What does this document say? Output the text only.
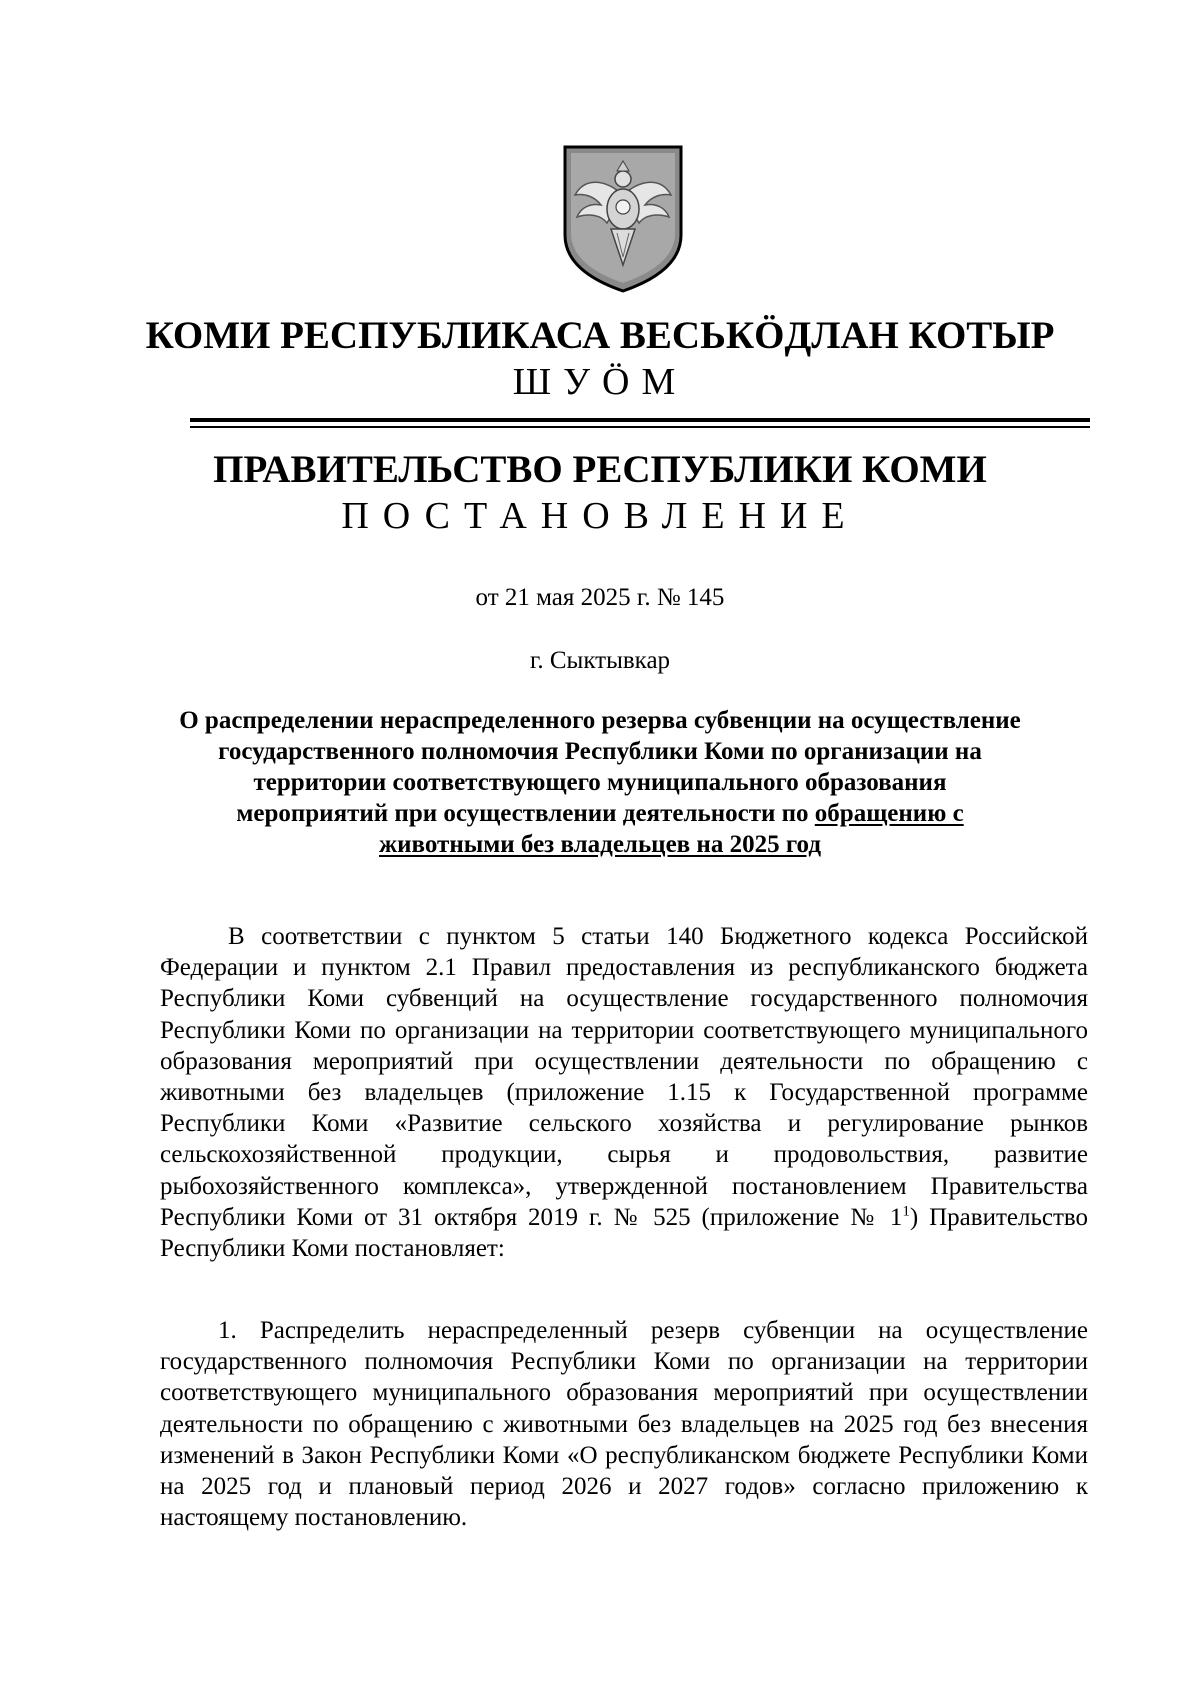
КОМИ РЕСПУБЛИКАСА ВЕСЬКӦДЛАН КОТЫР
ШУӦМ
ПРАВИТЕЛЬСТВО РЕСПУБЛИКИ КОМИ
ПОСТАНОВЛЕНИЕ
от 21 мая 2025 г. № 145
г. Сыктывкар
О распределении нераспределенного резерва субвенции на осуществление государственного полномочия Республики Коми по организации на территории соответствующего муниципального образования мероприятий при осуществлении деятельности по обращению с животными без владельцев на 2025 год
В соответствии с пунктом 5 статьи 140 Бюджетного кодекса Российской Федерации и пунктом 2.1 Правил предоставления из республиканского бюджета Республики Коми субвенций на осуществление государственного полномочия Республики Коми по организации на территории соответствующего муниципального образования мероприятий при осуществлении деятельности по обращению с животными без владельцев (приложение 1.15 к Государственной программе Республики Коми «Развитие сельского хозяйства и регулирование рынков сельскохозяйственной продукции, сырья и продовольствия, развитие рыбохозяйственного комплекса», утвержденной постановлением Правительства Республики Коми от 31 октября 2019 г. № 525 (приложение № $1^1$) Правительство Республики Коми постановляет:
1. Распределить нераспределенный резерв субвенции на осуществление государственного полномочия Республики Коми по организации на территории соответствующего муниципального образования мероприятий при осуществлении деятельности по обращению с животными без владельцев на 2025 год без внесения изменений в Закон Республики Коми «О республиканском бюджете Республики Коми на 2025 год и плановый период 2026 и 2027 годов» согласно приложению к настоящему постановлению.
